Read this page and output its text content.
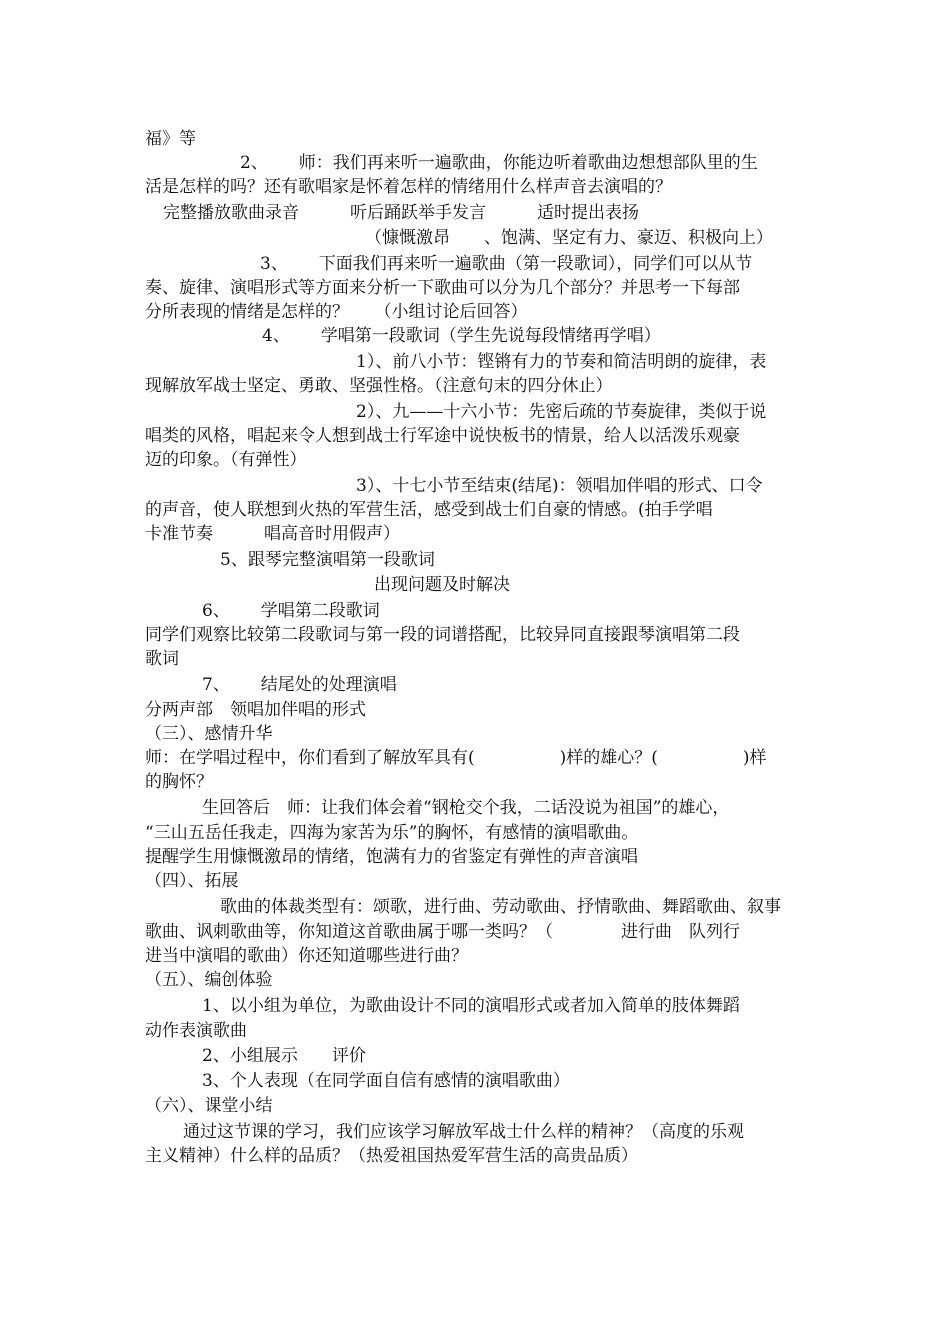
福》等
2、　　 师：我们再来听一遍歌曲，你能边听着歌曲边想想部队里的生
活是怎样的吗？还有歌唱家是怀着怎样的情绪用什么样声音去演唱的？
完整播放歌曲录音　　　听后踊跃举手发言　　　适时提出表扬
（慷慨激昂　　、饱满、坚定有力、豪迈、积极向上）
3、　　 下面我们再来听一遍歌曲（第一段歌词），同学们可以从节
奏、旋律、演唱形式等方面来分析一下歌曲可以分为几个部分？并思考一下每部
分所表现的情绪是怎样的？　　（小组讨论后回答）
4、　　 学唱第一段歌词（学生先说每段情绪再学唱）
1）、前八小节：铿锵有力的节奏和简洁明朗的旋律，表
现解放军战士坚定、勇敢、坚强性格。（注意句末的四分休止）
2）、九——十六小节：先密后疏的节奏旋律，类似于说
唱类的风格，唱起来令人想到战士行军途中说快板书的情景，给人以活泼乐观豪
迈的印象。（有弹性）
3）、十七小节至结束(结尾)：领唱加伴唱的形式、口令
的声音，使人联想到火热的军营生活，感受到战士们自豪的情感。(拍手学唱
卡准节奏　　　唱高音时用假声）
5、跟琴完整演唱第一段歌词
出现问题及时解决
6、　　 学唱第二段歌词
同学们观察比较第二段歌词与第一段的词谱搭配，比较异同直接跟琴演唱第二段
歌词
7、　　 结尾处的处理演唱
分两声部　领唱加伴唱的形式
（三）、感情升华
师：在学唱过程中，你们看到了解放军具有(　　　　　)样的雄心？(　　　　　)样
的胸怀？
生回答后　师：让我们体会着“钢枪交个我，二话没说为祖国”的雄心，
“三山五岳任我走，四海为家苦为乐”的胸怀，有感情的演唱歌曲。
提醒学生用慷慨激昂的情绪，饱满有力的省鉴定有弹性的声音演唱
（四）、拓展
歌曲的体裁类型有：颂歌，进行曲、劳动歌曲、抒情歌曲、舞蹈歌曲、叙事
歌曲、讽刺歌曲等，你知道这首歌曲属于哪一类吗？（　　　　进行曲　队列行
进当中演唱的歌曲）你还知道哪些进行曲？
（五）、编创体验
1、以小组为单位，为歌曲设计不同的演唱形式或者加入简单的肢体舞蹈
动作表演歌曲
2、小组展示　　评价
3、个人表现（在同学面自信有感情的演唱歌曲）
（六）、课堂小结
通过这节课的学习，我们应该学习解放军战士什么样的精神？（高度的乐观
主义精神）什么样的品质？（热爱祖国热爱军营生活的高贵品质）
